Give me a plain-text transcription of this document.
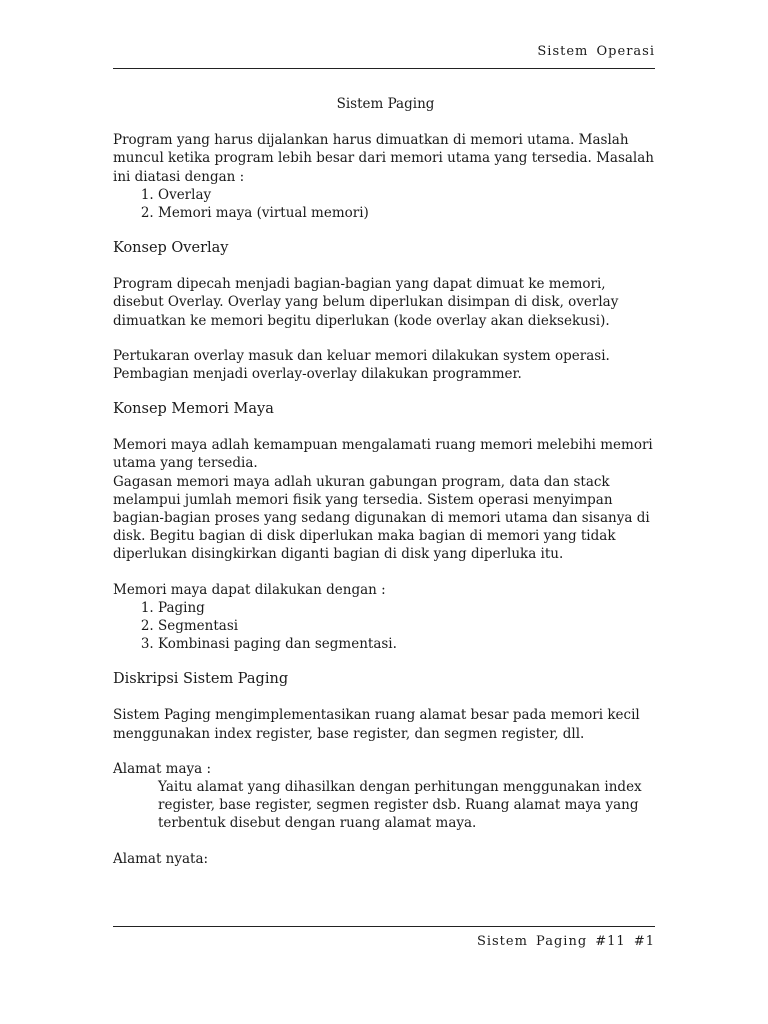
Sistem Operasi
Sistem Paging

Program yang harus dijalankan harus dimuatkan di memori utama. Maslah muncul ketika program lebih besar dari memori utama yang tersedia. Masalah ini diatasi dengan :

1. Overlay
2. Memori maya (virtual memori)
Konsep Overlay

Program dipecah menjadi bagian-bagian yang dapat dimuat ke memori, disebut Overlay. Overlay yang belum diperlukan disimpan di disk, overlay dimuatkan ke memori begitu diperlukan (kode overlay akan dieksekusi).

Pertukaran overlay masuk dan keluar memori dilakukan system operasi. Pembagian menjadi overlay-overlay dilakukan programmer.

Konsep Memori Maya

Memori maya adlah kemampuan mengalamati ruang memori melebihi memori utama yang tersedia.

Gagasan memori maya adlah ukuran gabungan program, data dan stack melampui jumlah memori fisik yang tersedia. Sistem operasi menyimpan bagian-bagian proses yang sedang digunakan di memori utama dan sisanya di disk. Begitu bagian di disk diperlukan maka bagian di memori yang tidak diperlukan disingkirkan diganti bagian di disk yang diperluka itu.

Memori maya dapat dilakukan dengan :

1. Paging
2. Segmentasi
3. Kombinasi paging dan segmentasi.
Diskripsi Sistem Paging

Sistem Paging mengimplementasikan ruang alamat besar pada memori kecil menggunakan index register, base register, dan segmen register, dll.

Alamat maya :

Yaitu alamat yang dihasilkan dengan perhitungan menggunakan index register, base register, segmen register dsb. Ruang alamat maya yang terbentuk disebut dengan ruang alamat maya.

Alamat nyata:

Sistem Paging #11 #1
